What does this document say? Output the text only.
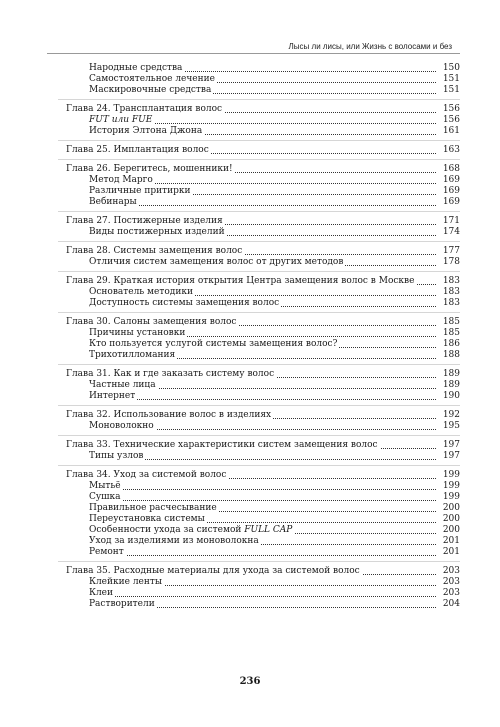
Лысы ли лисы, или Жизнь с волосами и без
Народные средства	150
Самостоятельное лечение	151
Маскировочные средства	151
Глава 24. Трансплантация волос	156
FUT или FUE	156
История Элтона Джона	161
Глава 25. Имплантация волос	163
Глава 26. Берегитесь, мошенники!	168
Метод Марго	169
Различные притирки	169
Вебинары	169
Глава 27. Постижерные изделия	171
Виды постижерных изделий	174
Глава 28. Системы замещения волос	177
Отличия систем замещения волос от других методов	178
Глава 29. Краткая история открытия Центра замещения волос в Москве	183
Основатель методики	183
Доступность системы замещения волос	183
Глава 30. Салоны замещения волос	185
Причины установки	185
Кто пользуется услугой системы замещения волос?	186
Трихотилломания	188
Глава 31. Как и где заказать систему волос	189
Частные лица	189
Интернет	190
Глава 32. Использование волос в изделиях	192
Моноволокно	195
Глава 33. Технические характеристики систем замещения волос	197
Типы узлов	197
Глава 34. Уход за системой волос	199
Мытьё	199
Сушка	199
Правильное расчесывание	200
Переустановка системы	200
Особенности ухода за системой FULL CAP	200
Уход за изделиями из моноволокна	201
Ремонт	201
Глава 35. Расходные материалы для ухода за системой волос	203
Клейкие ленты	203
Клеи	203
Растворители	204
236
